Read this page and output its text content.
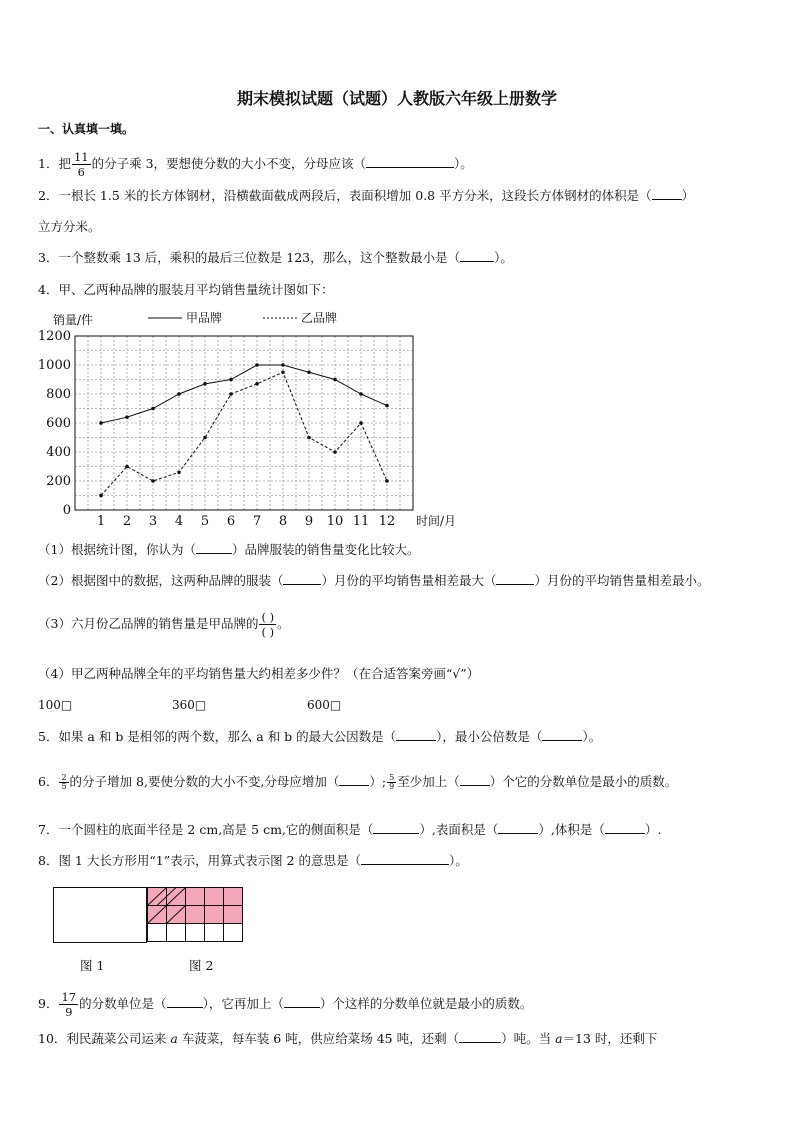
期末模拟试题（试题）人教版六年级上册数学
一、认真填一填。
1．把 $\frac{11}{6}$ 的分子乘 3，要想使分数的大小不变，分母应该（	）。
2．一根长 1.5 米的长方体钢材，沿横截面截成两段后，表面积增加 0.8 平方分米，这段长方体钢材的体积是（ ）
立方分米。
3．一个整数乘 13 后，乘积的最后三位数是 123，那么，这个整数最小是（	）。
4．甲、乙两种品牌的服装月平均销售量统计图如下：
0
200
400
600
800
1000
1200
1 2 3 4 5 6 7 8 9 10 11 12
销量/件
时间/月
甲品牌	乙品牌
（1）根据统计图，你认为（	）品牌服装的销售量变化比较大。
（2）根据图中的数据，这两种品牌的服装（	）月份的平均销售量相差最大（	）月份的平均销售量相差最小。
（3）六月份乙品牌的销售量是甲品牌的 $\frac{( )}{( )}$ 。
（4）甲乙两种品牌全年的平均销售量大约相差多少件？（在合适答案旁画“√”）
100□	360□	600□
5．如果 a 和 b 是相邻的两个数，那么 a 和 b 的最大公因数是（	），最小公倍数是（	）。
6． $\frac{2}{5}$ 的分子增加 8,要使分数的大小不变,分母应增加（ ）; $\frac{5}{9}$ 至少加上（ ）个它的分数单位是最小的质数。
7．一个圆柱的底面半径是 2 cm,高是 5 cm,它的侧面积是（	）,表面积是（	）,体积是（	）.
8．图 1 大长方形用“1”表示，用算式表示图 2 的意思是（	）。
图 1	图 2
9． $\frac{17}{9}$ 的分数单位是（	），它再加上（	）个这样的分数单位就是最小的质数。
10．利民蔬菜公司运来 a 车菠菜，每车装 6 吨，供应给菜场 45 吨，还剩（	）吨。当 a＝13 时，还剩下
